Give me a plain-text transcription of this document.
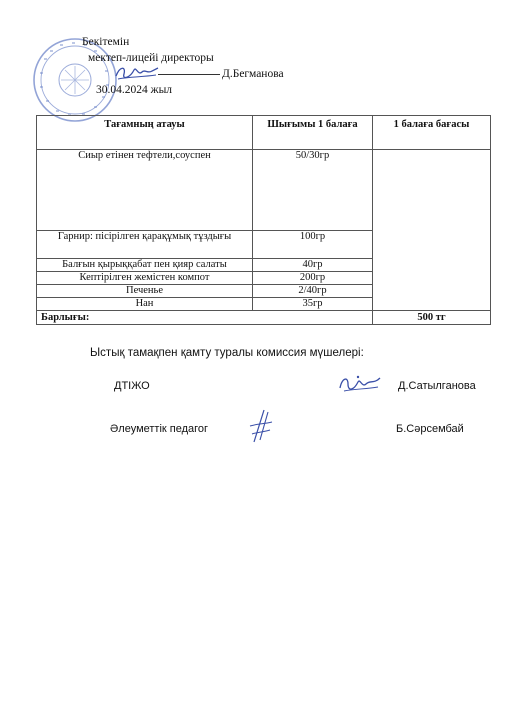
Бекітемін
мектеп-лицейі директоры
Д.Бегманова
30.04.2024 жыл
Тағамның атауы	Шығымы 1 балаға	1 балаға бағасы
Сиыр етінен тефтели,соуспен	50/30гр	
Гарнир: пісірілген қарақұмық тұздығы	100гр	
Балғын қырыққабат пен қияр салаты	40гр	
Кептірілген жемістен компот	200гр	
Печенье	2/40гр	
Нан	35гр	
Барлығы:		500 тг
Ыстық тамақпен қамту туралы комиссия мүшелері:
ДТІЖО	Д.Сатылганова
Әлеуметтік педагог	Б.Сәрсембай
